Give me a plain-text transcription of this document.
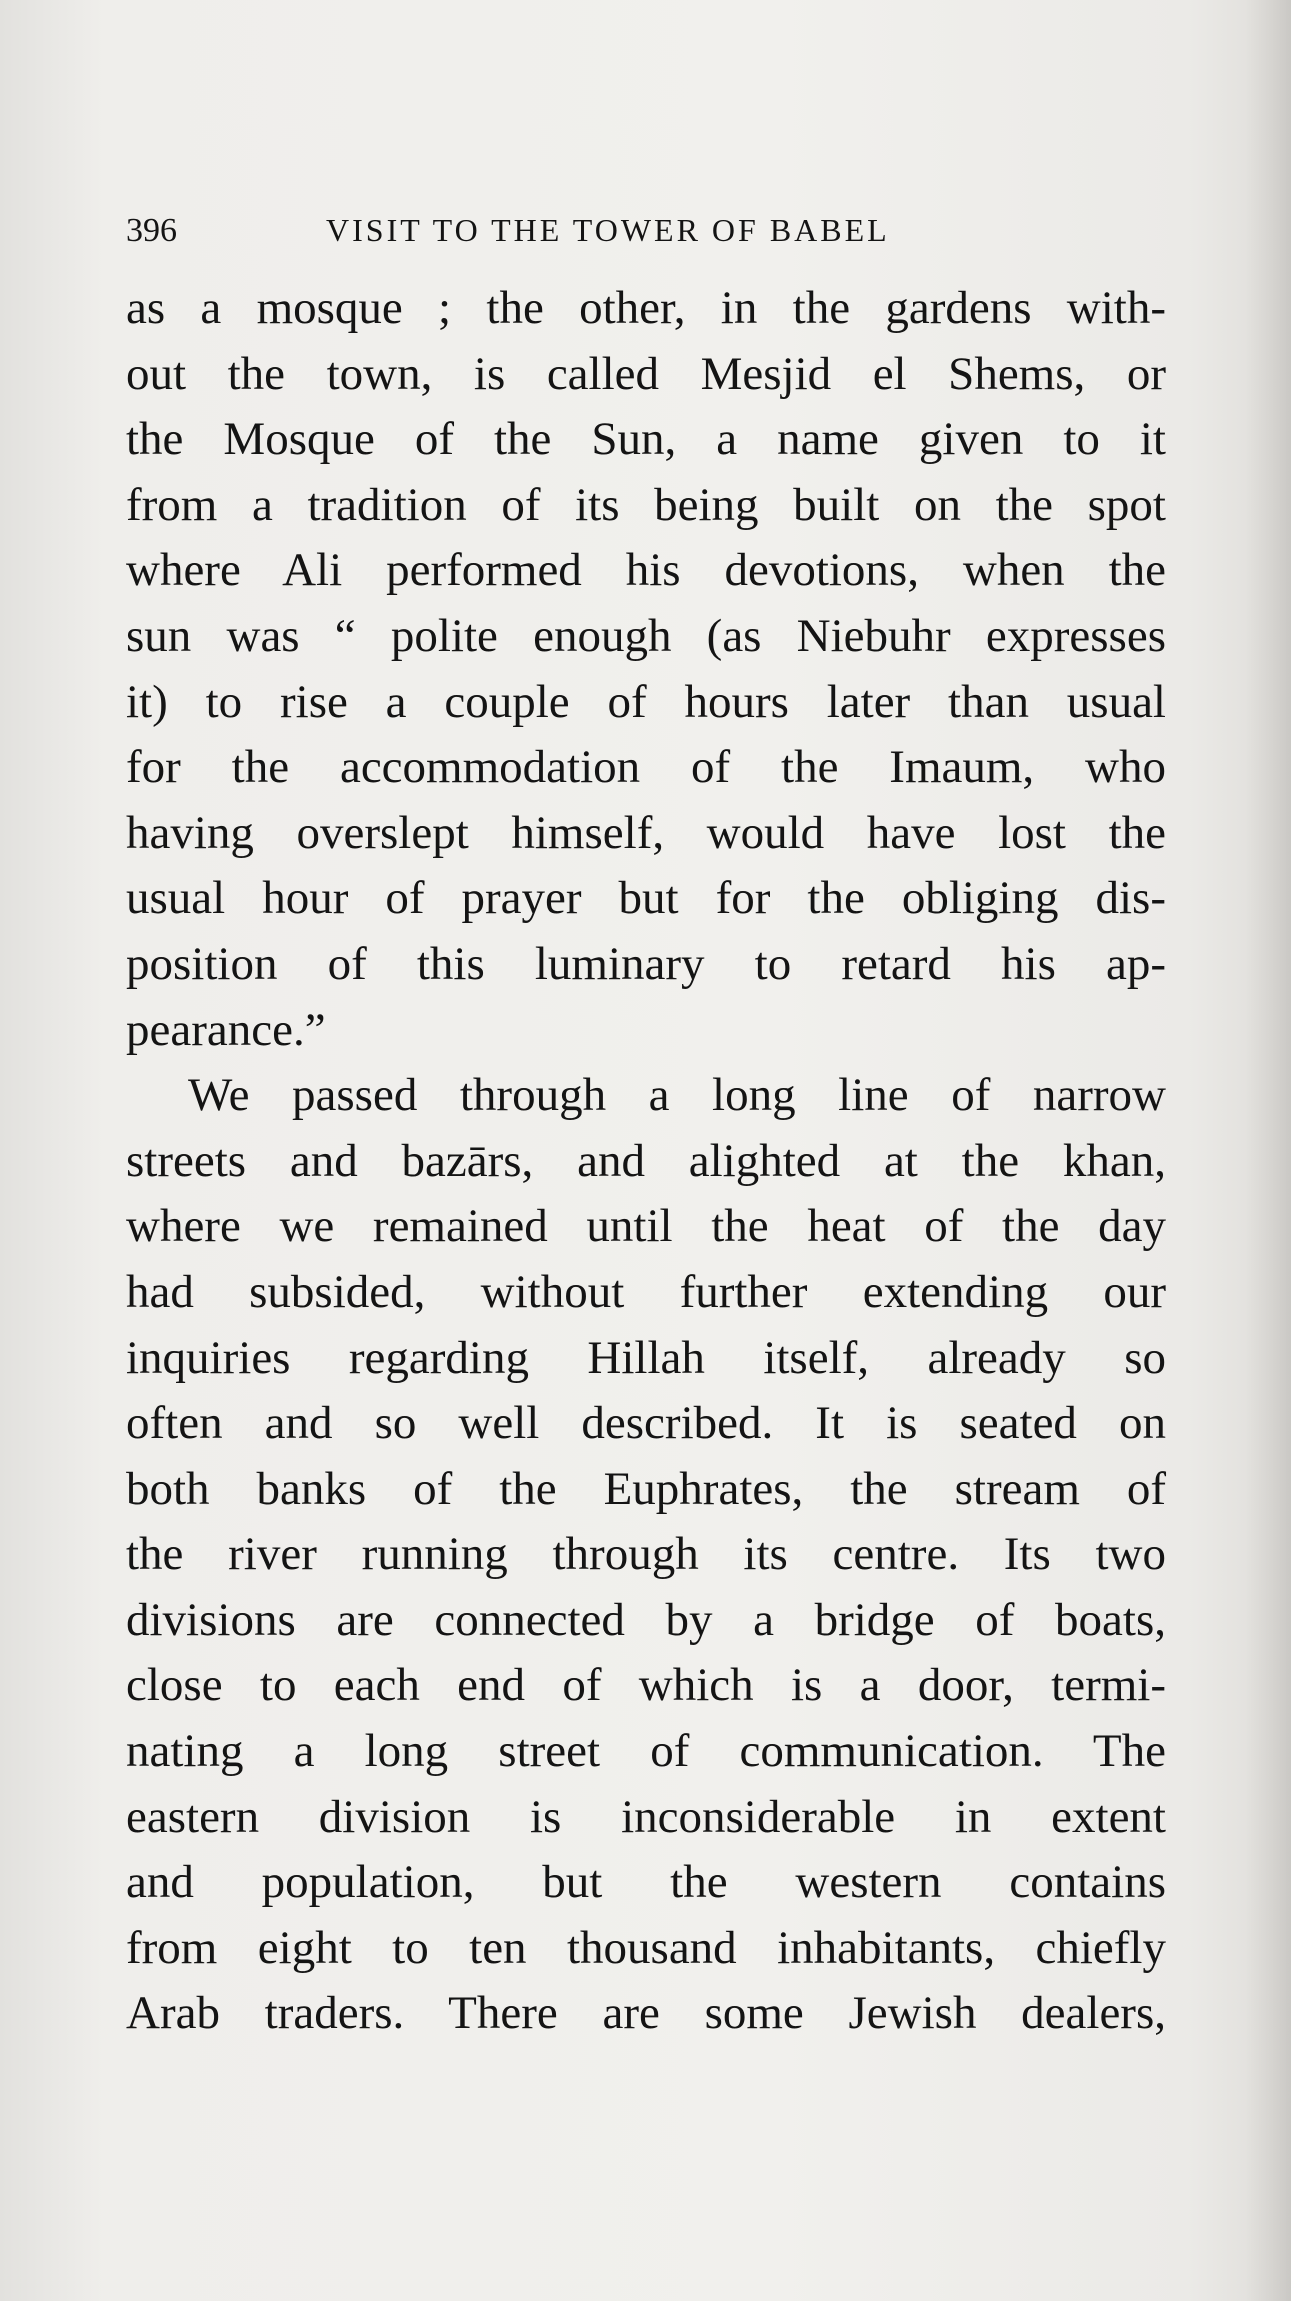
396	VISIT TO THE TOWER OF BABEL
as a mosque ; the other, in the gardens with-
out the town, is called Mesjid el Shems, or
the Mosque of the Sun, a name given to it
from a tradition of its being built on the spot
where Ali performed his devotions, when the
sun was “ polite enough (as Niebuhr expresses
it) to rise a couple of hours later than usual
for the accommodation of the Imaum, who
having overslept himself, would have lost the
usual hour of prayer but for the obliging dis-
position of this luminary to retard his ap-
pearance.”
We passed through a long line of narrow
streets and bazārs, and alighted at the khan,
where we remained until the heat of the day
had subsided, without further extending our
inquiries regarding Hillah itself, already so
often and so well described. It is seated on
both banks of the Euphrates, the stream of
the river running through its centre. Its two
divisions are connected by a bridge of boats,
close to each end of which is a door, termi-
nating a long street of communication. The
eastern division is inconsiderable in extent
and population, but the western contains
from eight to ten thousand inhabitants, chiefly
Arab traders. There are some Jewish dealers,
